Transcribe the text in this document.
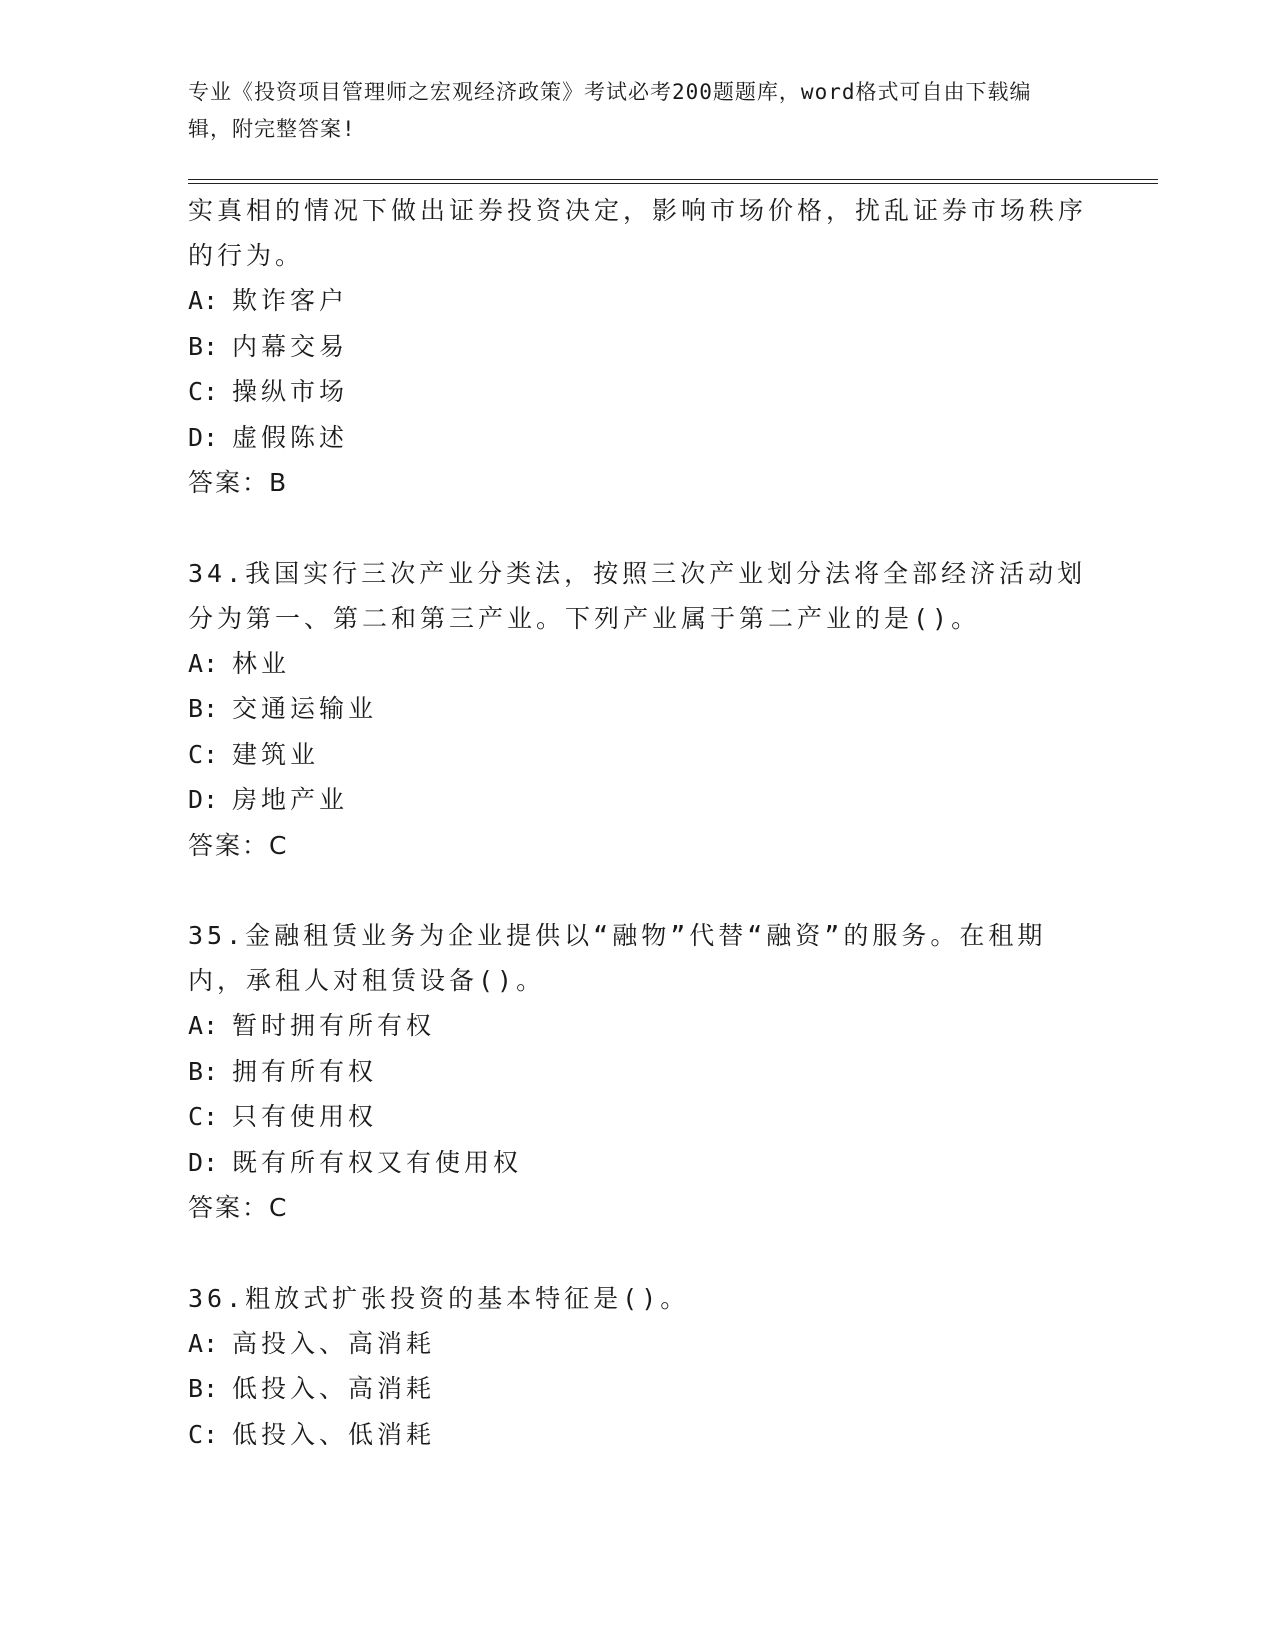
专业《投资项目管理师之宏观经济政策》考试必考200题题库，word格式可自由下载编辑，附完整答案!
实真相的情况下做出证券投资决定，影响市场价格，扰乱证券市场秩序的行为。
A: 欺诈客户
B: 内幕交易
C: 操纵市场
D: 虚假陈述
答案：B
34.我国实行三次产业分类法，按照三次产业划分法将全部经济活动划分为第一、第二和第三产业。下列产业属于第二产业的是()。
A: 林业
B: 交通运输业
C: 建筑业
D: 房地产业
答案：C
35.金融租赁业务为企业提供以“融物”代替“融资”的服务。在租期内，承租人对租赁设备()。
A: 暂时拥有所有权
B: 拥有所有权
C: 只有使用权
D: 既有所有权又有使用权
答案：C
36.粗放式扩张投资的基本特征是()。
A: 高投入、高消耗
B: 低投入、高消耗
C: 低投入、低消耗
